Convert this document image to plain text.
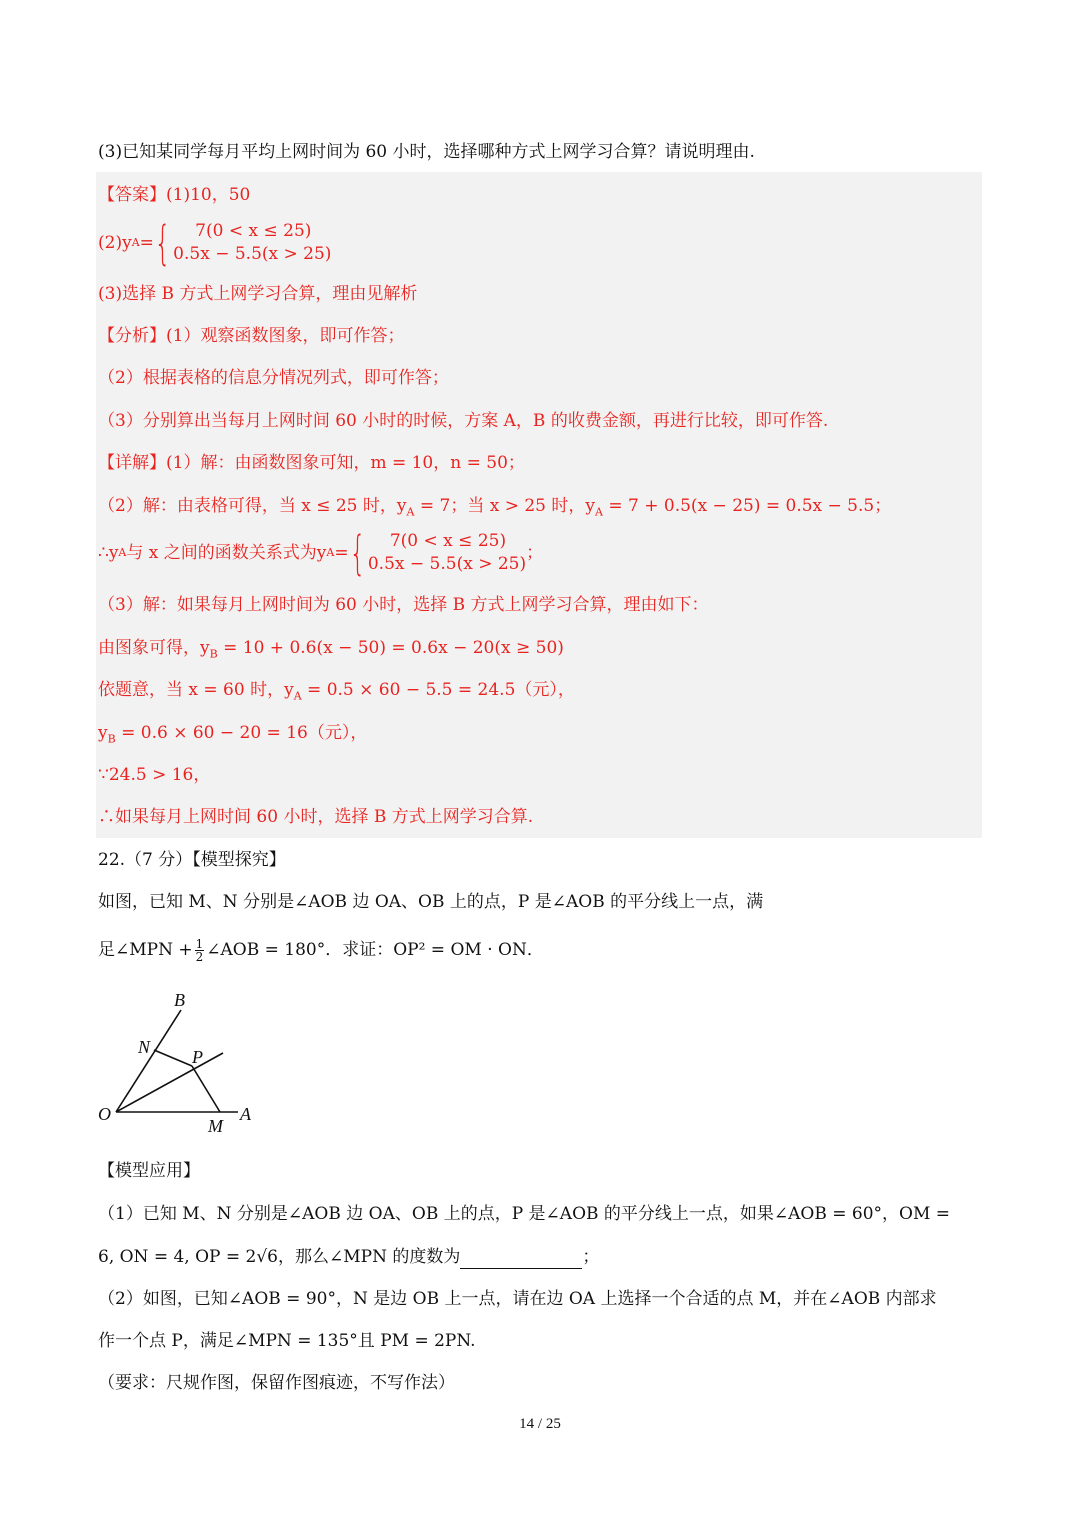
(3)已知某同学每月平均上网时间为 60 小时，选择哪种方式上网学习合算？请说明理由.
【答案】(1)10，50
(2)y A = {	7(0 < x ≤ 25)
0.5x − 5.5(x > 25)
(3)选择 B 方式上网学习合算，理由见解析
【分析】(1）观察函数图象，即可作答；
（2）根据表格的信息分情况列式，即可作答；
（3）分别算出当每月上网时间 60 小时的时候，方案 A，B 的收费金额，再进行比较，即可作答.
【详解】(1）解：由函数图象可知，m = 10，n = 50；
（2）解：由表格可得，当 x ≤ 25 时，$y_A = 7$；当 x > 25 时，$y_A = 7 + 0.5(x - 25) = 0.5x - 5.5$；
∴y A 与 x 之间的函数关系式为y A = {	7(0 < x ≤ 25)
0.5x − 5.5(x > 25)
；
（3）解：如果每月上网时间为 60 小时，选择 B 方式上网学习合算，理由如下：
由图象可得，$y_B = 10 + 0.6(x - 50) = 0.6x - 20(x \ge 50)$
依题意，当 x = 60 时，$y_A = 0.5 \times 60 - 5.5 = 24.5$（元），
$y_B = 0.6 \times 60 - 20 = 16$（元），
∵24.5 > 16，
∴如果每月上网时间 60 小时，选择 B 方式上网学习合算.
22.（7 分）【模型探究】
如图，已知 M、N 分别是∠AOB 边 OA、OB 上的点，P 是∠AOB 的平分线上一点，满
足∠MPN + $\frac{1}{2}$ ∠AOB = 180°．求证：OP² = OM · ON．
B
N P
O
M
A
【模型应用】
（1）已知 M、N 分别是∠AOB 边 OA、OB 上的点，P 是∠AOB 的平分线上一点，如果∠AOB = 60°，OM =
6, ON = 4, OP = 2√6，那么∠MPN 的度数为	；
（2）如图，已知∠AOB = 90°，N 是边 OB 上一点，请在边 OA 上选择一个合适的点 M，并在∠AOB 内部求
作一个点 P，满足∠MPN = 135°且 PM = 2PN.
（要求：尺规作图，保留作图痕迹，不写作法）
14 / 25
